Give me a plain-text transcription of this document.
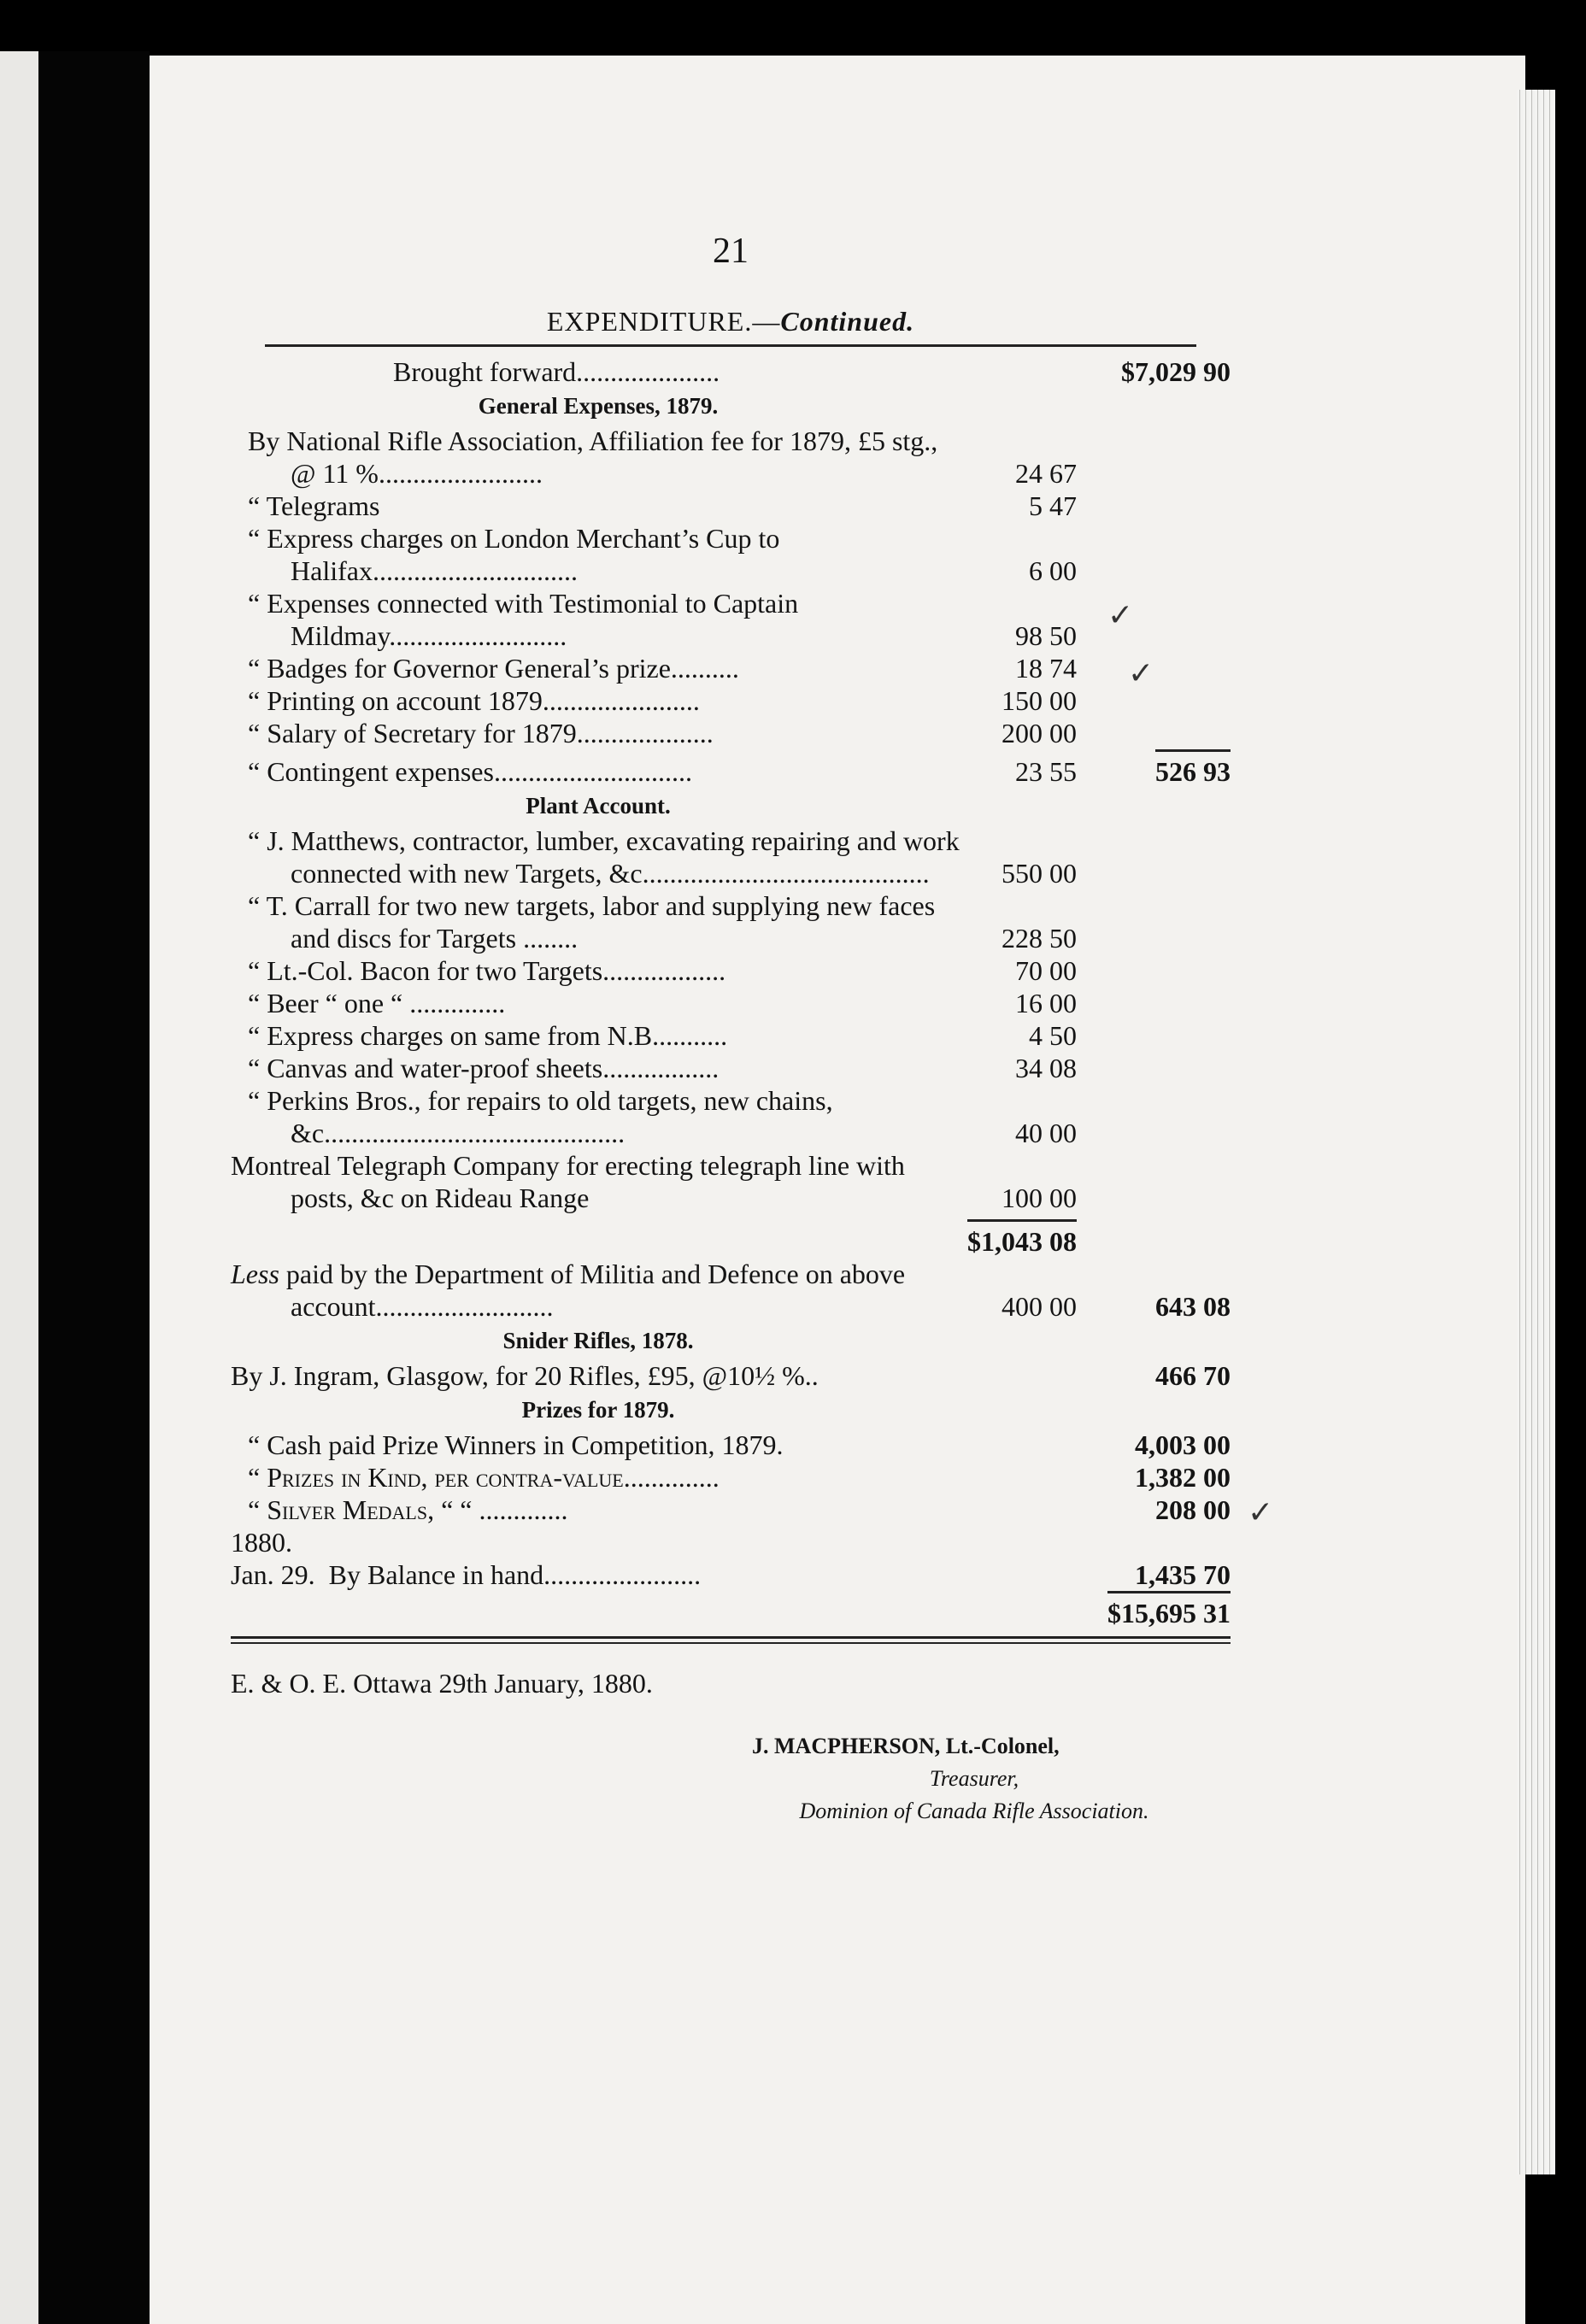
21
EXPENDITURE.—Continued.
Brought forward.....................	$7,029 90
General Expenses, 1879.
By National Rifle Association, Affiliation fee for 1879, £5 stg., @ 11 %........................	24 67
“ Telegrams	5 47
“ Express charges on London Merchant’s Cup to Halifax..............................	6 00
“ Expenses connected with Testimonial to Captain Mildmay..........................	98 50
“ Badges for Governor General’s prize..........	18 74
“ Printing on account 1879.......................	150 00
“ Salary of Secretary for 1879....................	200 00
“ Contingent expenses.............................	23 55	526 93
Plant Account.
“ J. Matthews, contractor, lumber, excavating repairing and work connected with new Targets, &c..........................................	550 00
“ T. Carrall for two new targets, labor and supplying new faces and discs for Targets ........	228 50
“ Lt.-Col. Bacon for two Targets..................	70 00
“ Beer “ one “ ..............	16 00
“ Express charges on same from N.B...........	4 50
“ Canvas and water-proof sheets.................	34 08
“ Perkins Bros., for repairs to old targets, new chains, &c............................................	40 00
Montreal Telegraph Company for erecting telegraph line with posts, &c on Rideau Range	100 00
$1,043 08
Less paid by the Department of Militia and Defence on above account..........................	400 00	643 08
Snider Rifles, 1878.
By J. Ingram, Glasgow, for 20 Rifles, £95, @10½ %..	466 70
Prizes for 1879.
“ Cash paid Prize Winners in Competition, 1879.	4,003 00
“ Prizes in Kind, per contra-value..............	1,382 00
“ Silver Medals, “ “ .............	208 00
1880.
Jan. 29. By Balance in hand.......................	1,435 70
$15,695 31
E. & O. E. Ottawa 29th January, 1880.
J. MACPHERSON, Lt.-Colonel,
Treasurer,
Dominion of Canada Rifle Association.
✓
✓
✓
